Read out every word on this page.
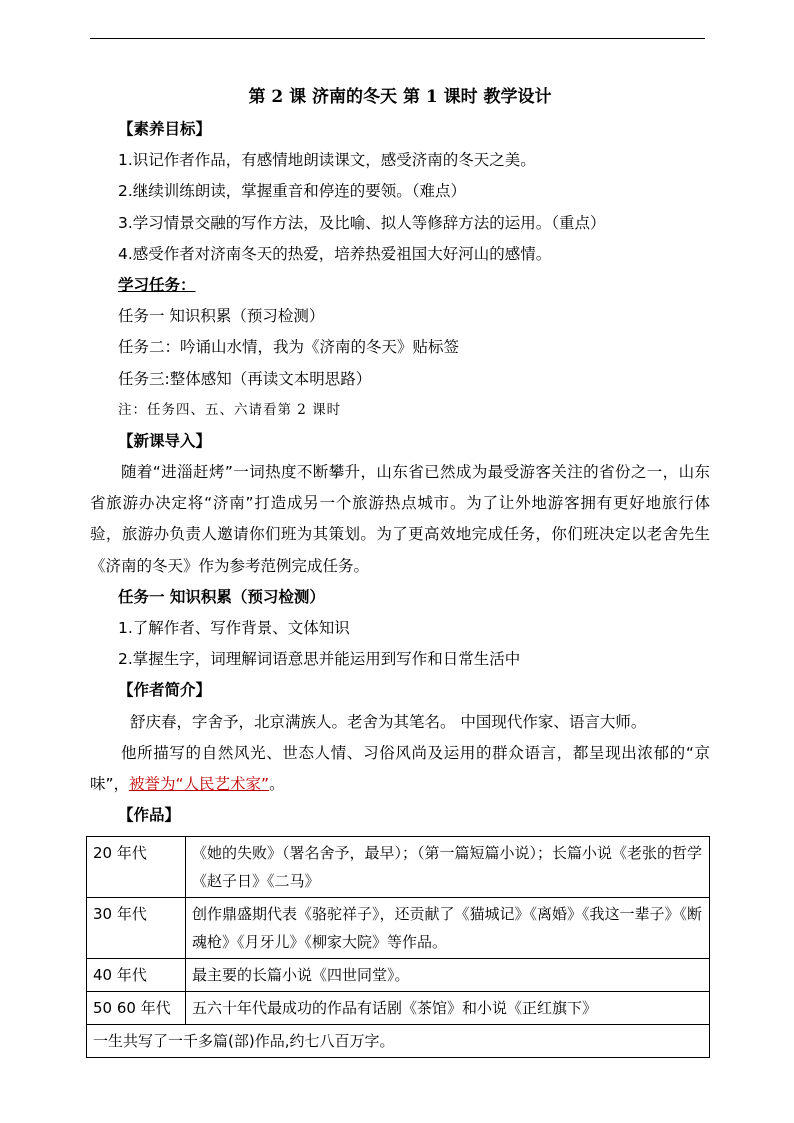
第 2 课 济南的冬天 第 1 课时 教学设计
【素养目标】
1.识记作者作品，有感情地朗读课文，感受济南的冬天之美。
2.继续训练朗读，掌握重音和停连的要领。（难点）
3.学习情景交融的写作方法，及比喻、拟人等修辞方法的运用。（重点）
4.感受作者对济南冬天的热爱，培养热爱祖国大好河山的感情。
学习任务：
任务一 知识积累（预习检测）
任务二：吟诵山水情，我为《济南的冬天》贴标签
任务三:整体感知（再读文本明思路）
注：任务四、五、六请看第 2 课时
【新课导入】

随着“进淄赶烤”一词热度不断攀升，山东省已然成为最受游客关注的省份之一，山东省旅游办决定将“济南”打造成另一个旅游热点城市。为了让外地游客拥有更好地旅行体验，旅游办负责人邀请你们班为其策划。为了更高效地完成任务，你们班决定以老舍先生《济南的冬天》作为参考范例完成任务。

任务一 知识积累（预习检测）
1.了解作者、写作背景、文体知识
2.掌握生字，词理解词语意思并能运用到写作和日常生活中
【作者简介】
舒庆春，字舍予，北京满族人。老舍为其笔名。 中国现代作家、语言大师。

他所描写的自然风光、世态人情、习俗风尚及运用的群众语言，都呈现出浓郁的“京味”，被誉为“人民艺术家”。

【作品】
20 年代	《她的失败》（署名舍予，最早）；（第一篇短篇小说）；长篇小说《老张的哲学《赵子日》《二马》
30 年代	创作鼎盛期代表《骆驼祥子》，还贡献了《猫城记》《离婚》《我这一辈子》《断魂枪》《月牙儿》《柳家大院》等作品。
40 年代	最主要的长篇小说《四世同堂》。
50 60 年代	五六十年代最成功的作品有话剧《茶馆》和小说《正红旗下》
一生共写了一千多篇(部)作品,约七八百万字。	
